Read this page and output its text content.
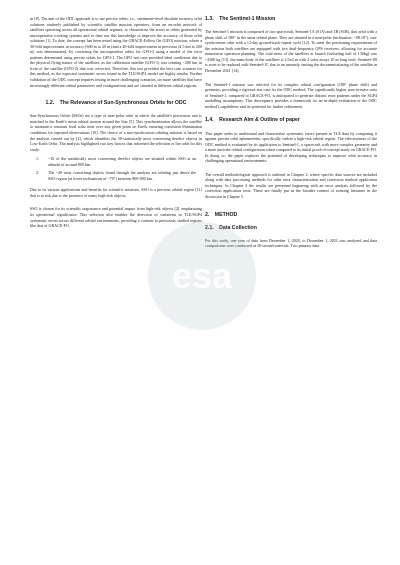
in [8]. The aim of the ODC approach is to use precise orbits, i.e., centimetre-level absolute accuracy orbit solutions routinely published by scientific satellite mission operators, from an on-orbit network of satellites operating across all operational orbital regimes, to characterise the errors in orbits generated by uncooperative tracking systems and to then use this knowledge to improve the accuracy of those orbit solutions [1]. To date, the concept has been tested using the GRACE-Follow On (GFO) mission, where a 30-fold improvement in accuracy (600 m to 20 m) and a 20-fold improvement in precision (4.5 km to 200 m) was demonstrated, by correcting the uncooperative orbits for GFO-2 using a model of the error patterns determined using precise orbits for GFO-1. The GFO test case provided ideal conditions due to the physical flying nature of the satellites, as the calibration satellite (GFO-1) was orbiting ~200 km in front of the satellite (GFO-2) that was corrected. Therefore, this test provided the best case scenario for this method, as the expected systematic errors found in the TLE/SGP4 model are highly similar. Further validation of the ODC concept requires testing in more challenging scenarios, on more satellites that have increasingly different orbital parameters and configurations and are situated in different orbital regions.

1.2. The Relevance of Sun-Synchronous Orbits for ODC

Sun-Synchronous Orbits (SSOs) are a type of near-polar orbit in which the satellite's precession rate is matched to the Earth's mean orbital motion around the Sun [5]. This synchronization allows the satellite to maintain a constant local solar time over any given point on Earth, ensuring consistent illumination conditions for repeated observations [10]. The choice of a sun-synchronous orbiting mission is based on the analysis carried out by [2], which identifies the 50-statistically most concerning derelict objects in Low-Earth Orbit. The analysis highlighted two key factors that informed the selection of the orbit for this study:

1.	~10 of the statistically most concerning derelict objects are situated within SSO at an altitude of around 800 km.
2.	The ~20 most concerning objects found through the analysis are orbiting just above the SSO region (at lower inclinations of ~70°) between 800-900 km.

Due to its various applications and benefits for scientific missions, SSO is a precious orbital region [11] that is at risk due to the presence of many high-risk objects.

SSO is chosen for its scientific importance and potential impact from high-risk objects [2], emphasizing its operational significance. This selection also enables the detection of variations in TLE/SGP4 systematic errors across different orbital environments, providing a contrast to previously studied regions like that of GRACE-FO.

1.3. The Sentinel-1 Mission

The Sentinel-1 mission is composed of two spacecraft, Sentinel-1A (S1A) and 1B (S1B), that orbit with a phase shift of 180° in the same orbital plane. They are situated in a near-polar (inclination: ~98.18°), sun-synchronous orbit with a 12-day ground-track repeat cycle [12]. To meet the positioning requirements of the mission both satellites are equipped with two dual-frequency GPS receivers, allowing for accurate manoeuvre operation planning. The total mass of the satellites at launch (including fuel of 130kg) was ~2300 kg [13], the main body of the satellites is 2.5x4 m with 2 solar arrays 10 m long each. Sentinel-1B is soon to be replaced with Sentinel-1C due to an anomaly causing the decommissioning of the satellite in December 2021 [14].

The Sentinel-1 mission was selected for its complex orbital configuration (180° phase shift) and geometry, providing a rigorous test case for the ODC method. The significantly higher area-to-mass ratio of Sentinel-1, compared to GRACE-FO, is anticipated to generate distinct error patterns under the SGP4 modelling assumptions. This discrepancy provides a framework for an in-depth evaluation of the ODC method's capabilities and its potential for further refinement.

1.4. Research Aim & Outline of paper

This paper seeks to understand and characterize systematic errors present in TLE data by comparing it against precise orbit ephemerides, specifically within a high-risk orbital region. The effectiveness of the ODC method is evaluated by its application to Sentinel-1, a spacecraft with more complex geometry and a more intricate orbital configuration when compared to its initial proof-of-concept study on GRACE-FO. In doing so, the paper explores the potential of developing techniques to improve orbit accuracy in challenging operational environments.

The overall methodological approach is outlined in Chapter 2, where specific data sources are included along with data processing methods for orbit error characterisation and correction method application techniques. In Chapter 4 the results are presented beginning with an error analysis followed by the correction application tests. These are finally put in the broader context of existing literature in the discussion in Chapter 5.

2. METHOD
2.1. Data Collection

For this study, one year of data from December 1, 2020, to December 1, 2021 was analysed and data comparisons were conducted at 30-second intervals. Two primary data

esa
